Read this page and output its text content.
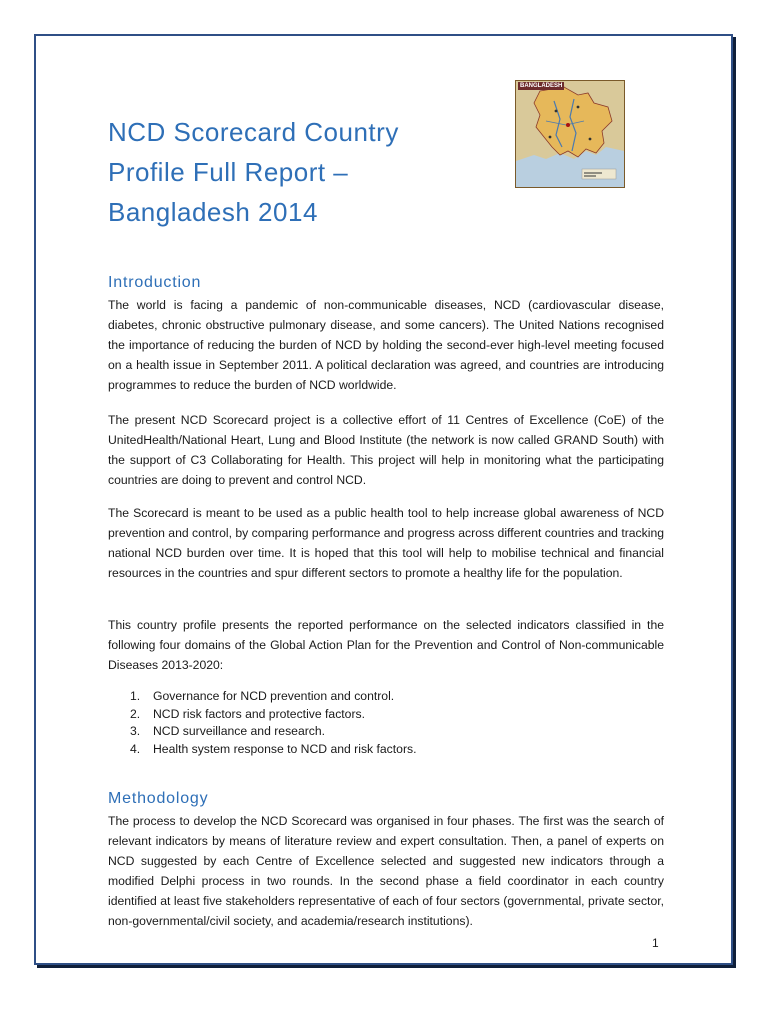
NCD Scorecard Country Profile Full Report – Bangladesh 2014
BANGLADESH
Introduction

The world is facing a pandemic of non-communicable diseases, NCD (cardiovascular disease, diabetes, chronic obstructive pulmonary disease, and some cancers). The United Nations recognised the importance of reducing the burden of NCD by holding the second-ever high-level meeting focused on a health issue in September 2011. A political declaration was agreed, and countries are introducing programmes to reduce the burden of NCD worldwide.

The present NCD Scorecard project is a collective effort of 11 Centres of Excellence (CoE) of the UnitedHealth/National Heart, Lung and Blood Institute (the network is now called GRAND South) with the support of C3 Collaborating for Health. This project will help in monitoring what the participating countries are doing to prevent and control NCD.

The Scorecard is meant to be used as a public health tool to help increase global awareness of NCD prevention and control, by comparing performance and progress across different countries and tracking national NCD burden over time. It is hoped that this tool will help to mobilise technical and financial resources in the countries and spur different sectors to promote a healthy life for the population.

This country profile presents the reported performance on the selected indicators classified in the following four domains of the Global Action Plan for the Prevention and Control of Non-communicable Diseases 2013-2020:

1.	Governance for NCD prevention and control.
2.	NCD risk factors and protective factors.
3.	NCD surveillance and research.
4.	Health system response to NCD and risk factors.
Methodology

The process to develop the NCD Scorecard was organised in four phases. The first was the search of relevant indicators by means of literature review and expert consultation. Then, a panel of experts on NCD suggested by each Centre of Excellence selected and suggested new indicators through a modified Delphi process in two rounds. In the second phase a field coordinator in each country identified at least five stakeholders representative of each of four sectors (governmental, private sector, non-governmental/civil society, and academia/research institutions).

1
